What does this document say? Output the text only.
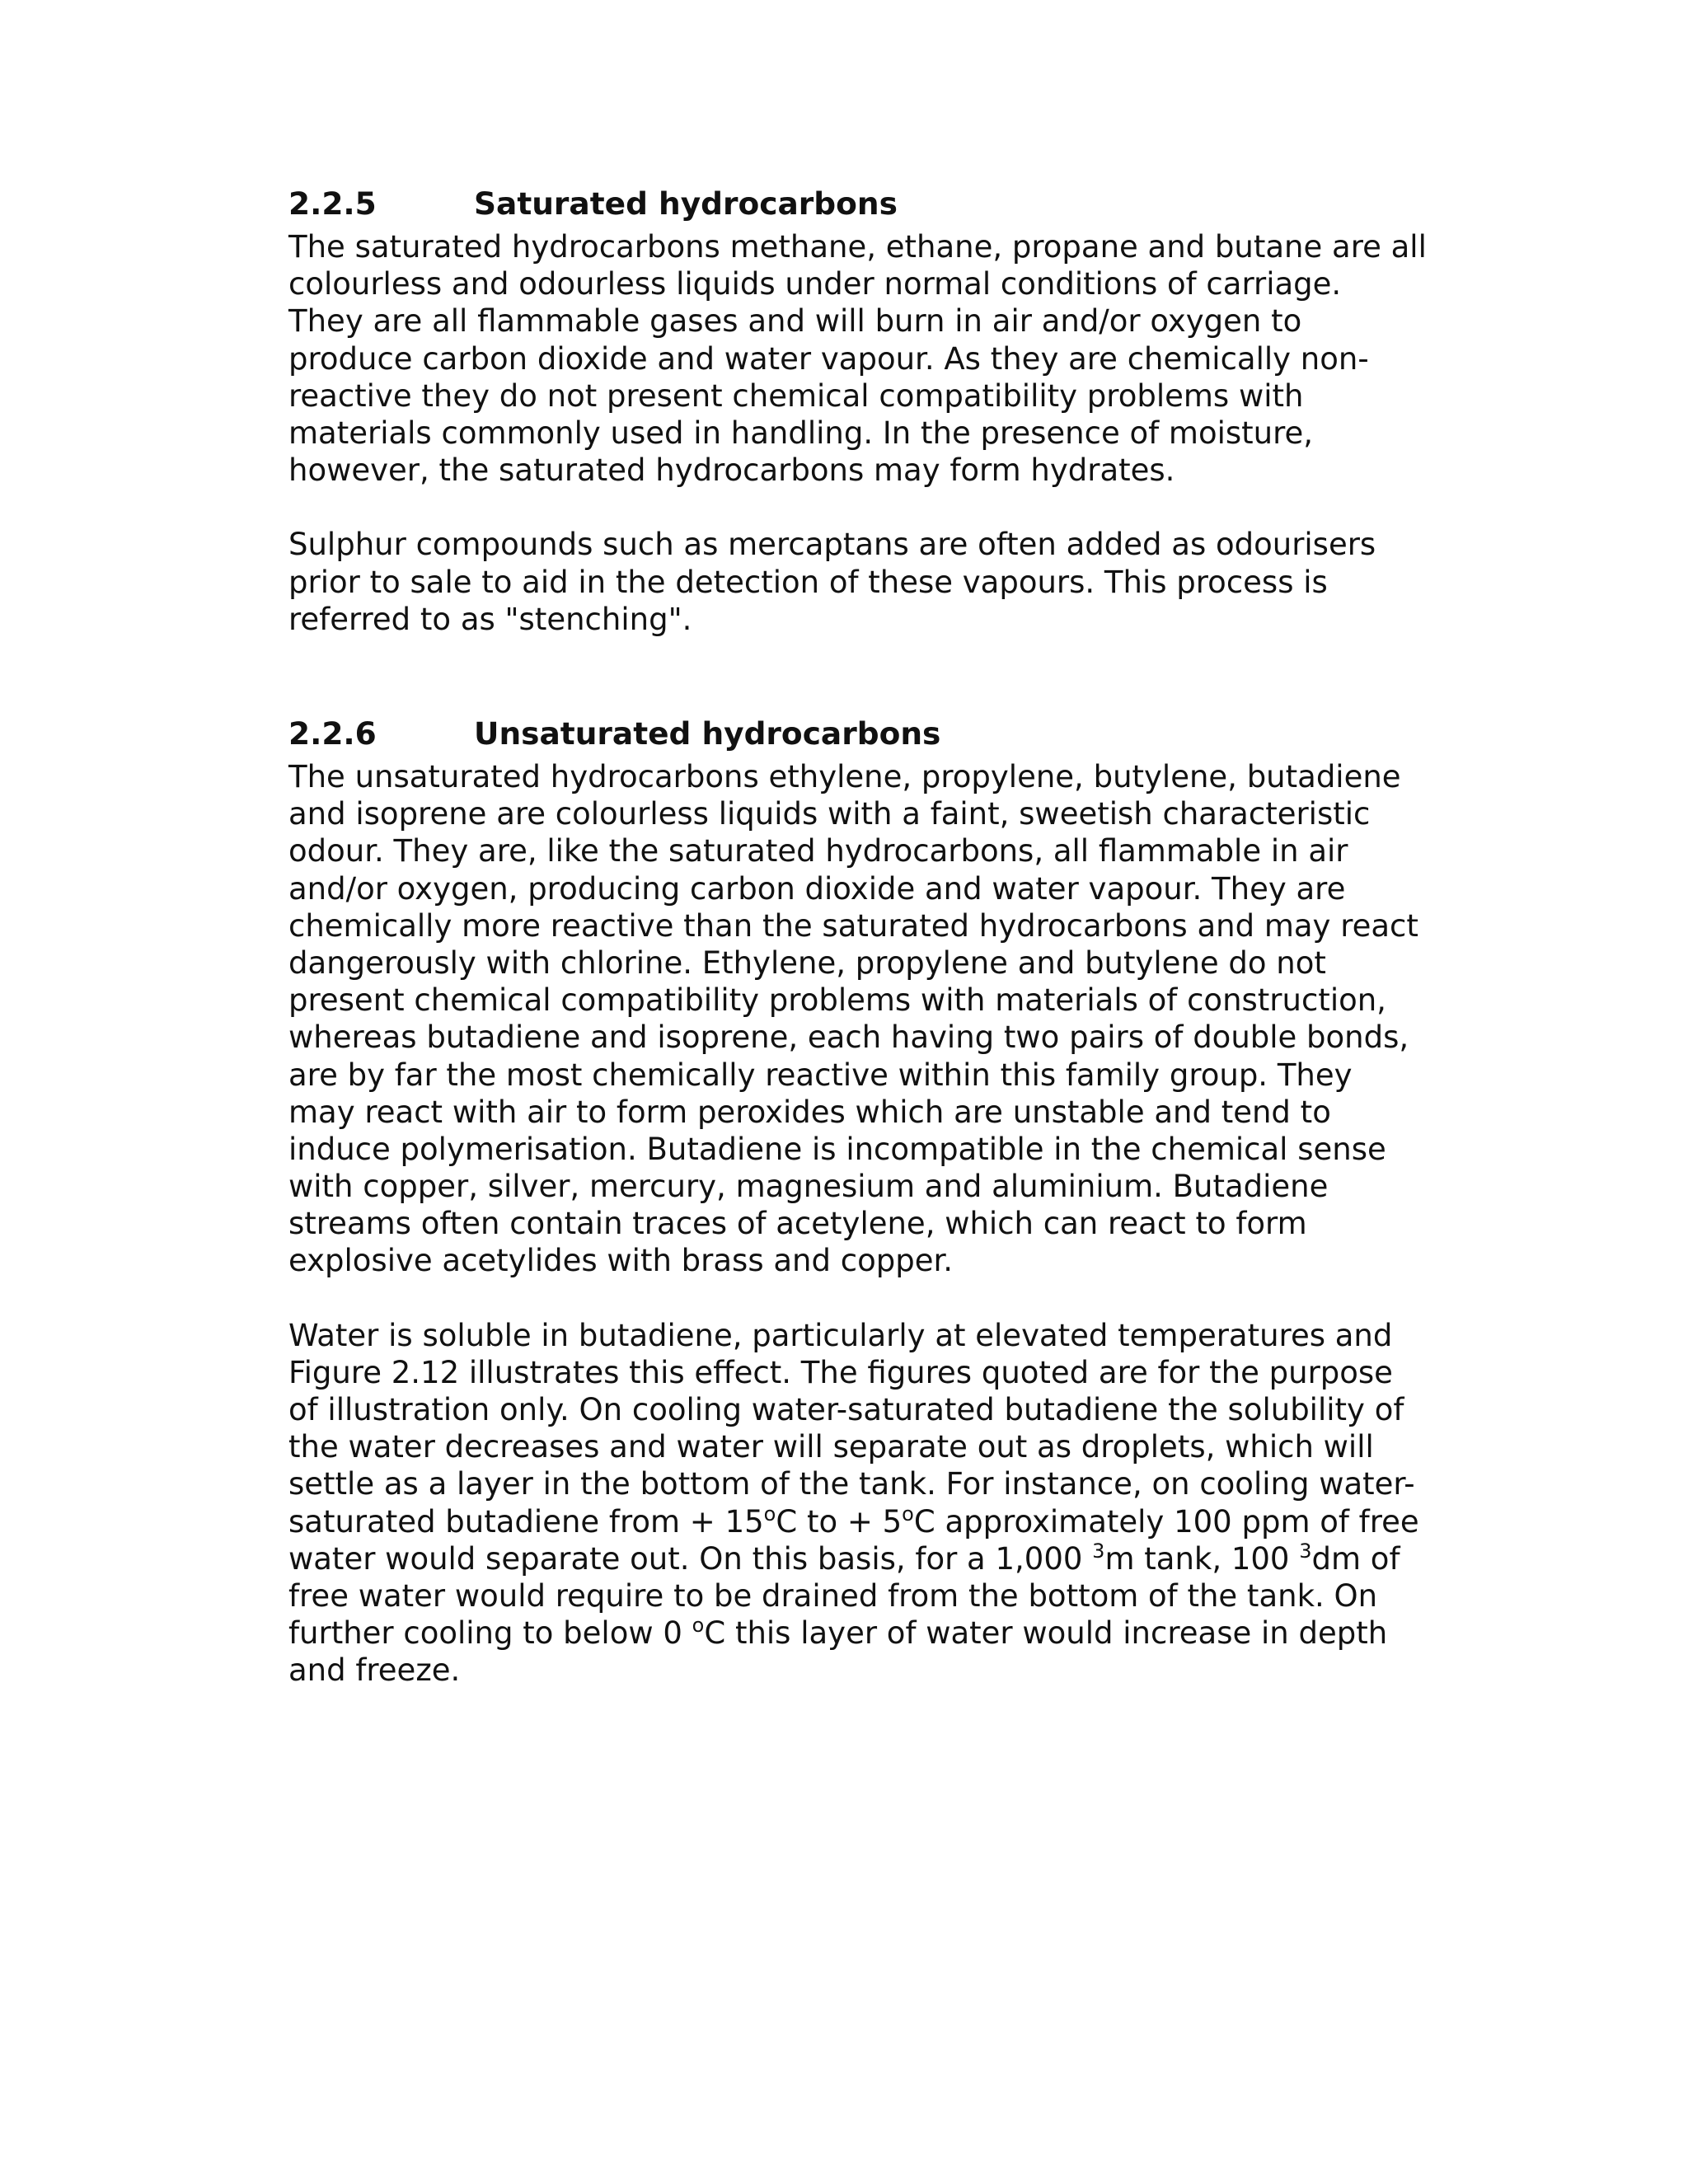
2.2.5	Saturated hydrocarbons
The saturated hydrocarbons methane, ethane, propane and butane are all
colourless and odourless liquids under normal conditions of carriage.
They are all flammable gases and will burn in air and/or oxygen to
produce carbon dioxide and water vapour. As they are chemically non-
reactive they do not present chemical compatibility problems with
materials commonly used in handling. In the presence of moisture,
however, the saturated hydrocarbons may form hydrates.
Sulphur compounds such as mercaptans are often added as odourisers
prior to sale to aid in the detection of these vapours. This process is
referred to as "stenching".
2.2.6	Unsaturated hydrocarbons
The unsaturated hydrocarbons ethylene, propylene, butylene, butadiene
and isoprene are colourless liquids with a faint, sweetish characteristic
odour. They are, like the saturated hydrocarbons, all flammable in air
and/or oxygen, producing carbon dioxide and water vapour. They are
chemically more reactive than the saturated hydrocarbons and may react
dangerously with chlorine. Ethylene, propylene and butylene do not
present chemical compatibility problems with materials of construction,
whereas butadiene and isoprene, each having two pairs of double bonds,
are by far the most chemically reactive within this family group. They
may react with air to form peroxides which are unstable and tend to
induce polymerisation. Butadiene is incompatible in the chemical sense
with copper, silver, mercury, magnesium and aluminium. Butadiene
streams often contain traces of acetylene, which can react to form
explosive acetylides with brass and copper.
Water is soluble in butadiene, particularly at elevated temperatures and
Figure 2.12 illustrates this effect. The figures quoted are for the purpose
of illustration only. On cooling water-saturated butadiene the solubility of
the water decreases and water will separate out as droplets, which will
settle as a layer in the bottom of the tank. For instance, on cooling water-
saturated butadiene from + $15^oC$ to + $5^oC$ approximately 100 ppm of free
water would separate out. On this basis, for a 1,000 $^3$m tank, 100 $^3$dm of
free water would require to be drained from the bottom of the tank. On
further cooling to below 0 $^o$C this layer of water would increase in depth
and freeze.
